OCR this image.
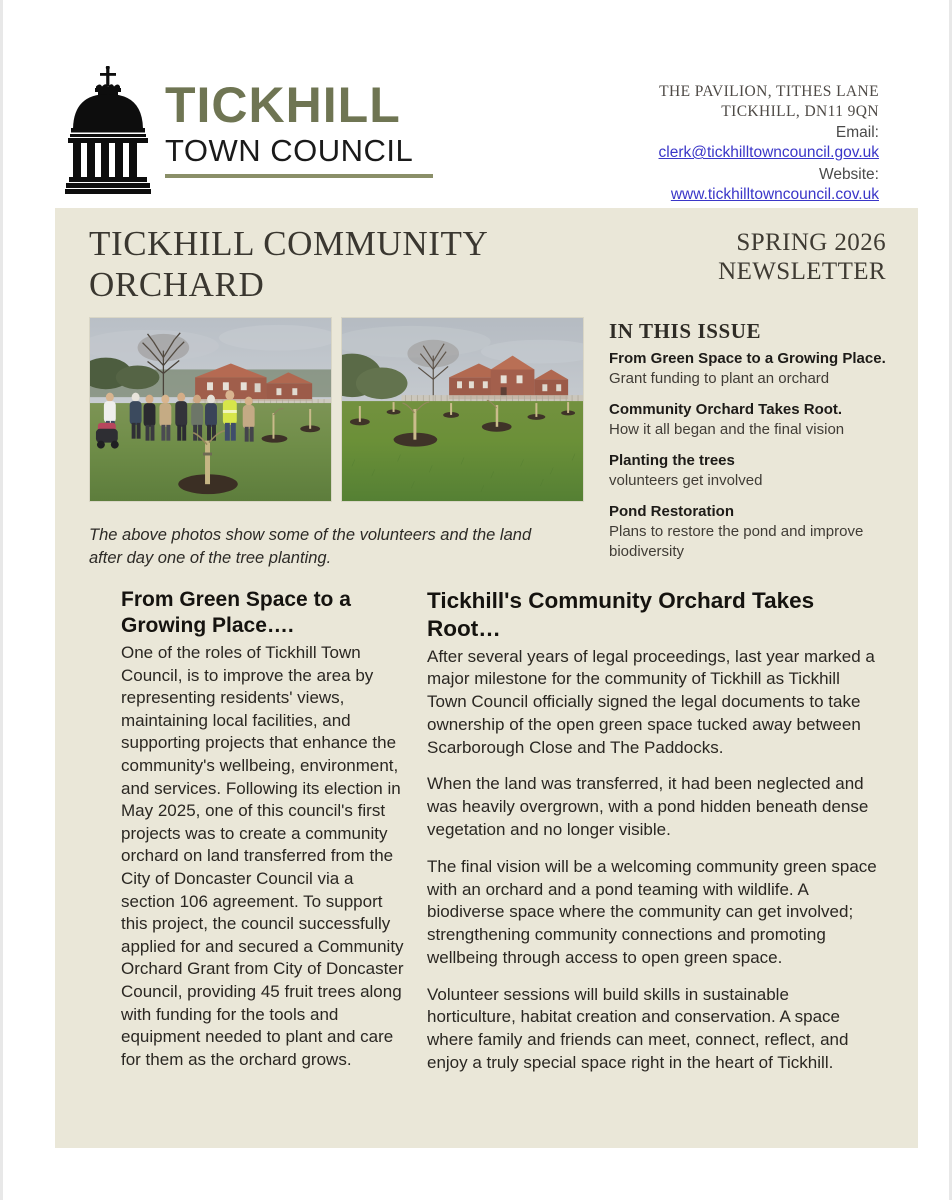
TICKHILL
TOWN COUNCIL
THE PAVILION, TITHES LANE
TICKHILL, DN11 9QN
Email:
clerk@tickhilltowncouncil.gov.uk
Website:
www.tickhilltowncouncil.cov.uk
TICKHILL COMMUNITY ORCHARD
SPRING 2026
NEWSLETTER
The above photos show some of the volunteers and the land after day one of the tree planting.
IN THIS ISSUE
From Green Space to a Growing Place.
Grant funding to plant an orchard
Community Orchard Takes Root.
How it all began and the final vision
Planting the trees
volunteers get involved
Pond Restoration
Plans to restore the pond and improve biodiversity
From Green Space to a Growing Place….

One of the roles of Tickhill Town Council, is to improve the area by representing residents' views, maintaining local facilities, and supporting projects that enhance the community's wellbeing, environment, and services. Following its election in May 2025, one of this council's first projects was to create a community orchard on land transferred from the City of Doncaster Council via a section 106 agreement. To support this project, the council successfully applied for and secured a Community Orchard Grant from City of Doncaster Council, providing 45 fruit trees along with funding for the tools and equipment needed to plant and care for them as the orchard grows.

Tickhill's Community Orchard Takes Root…

After several years of legal proceedings, last year marked a major milestone for the community of Tickhill as Tickhill Town Council officially signed the legal documents to take ownership of the open green space tucked away between Scarborough Close and The Paddocks.

When the land was transferred, it had been neglected and was heavily overgrown, with a pond hidden beneath dense vegetation and no longer visible.

The final vision will be a welcoming community green space with an orchard and a pond teaming with wildlife. A biodiverse space where the community can get involved; strengthening community connections and promoting wellbeing through access to open green space.

Volunteer sessions will build skills in sustainable horticulture, habitat creation and conservation. A space where family and friends can meet, connect, reflect, and enjoy a truly special space right in the heart of Tickhill.
